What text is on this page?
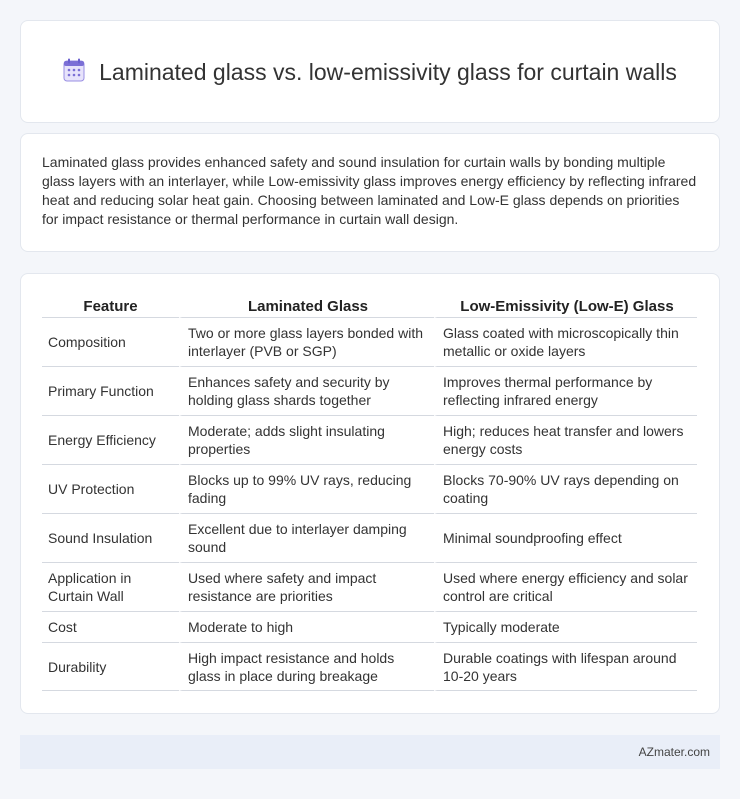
Laminated glass vs. low-emissivity glass for curtain walls

Laminated glass provides enhanced safety and sound insulation for curtain walls by bonding multiple glass layers with an interlayer, while Low-emissivity glass improves energy efficiency by reflecting infrared heat and reducing solar heat gain. Choosing between laminated and Low-E glass depends on priorities for impact resistance or thermal performance in curtain wall design.

Feature	Laminated Glass	Low-Emissivity (Low-E) Glass
Composition	Two or more glass layers bonded with interlayer (PVB or SGP)	Glass coated with microscopically thin metallic or oxide layers
Primary Function	Enhances safety and security by holding glass shards together	Improves thermal performance by reflecting infrared energy
Energy Efficiency	Moderate; adds slight insulating properties	High; reduces heat transfer and lowers energy costs
UV Protection	Blocks up to 99% UV rays, reducing fading	Blocks 70-90% UV rays depending on coating
Sound Insulation	Excellent due to interlayer damping sound	Minimal soundproofing effect
Application in Curtain Wall	Used where safety and impact resistance are priorities	Used where energy efficiency and solar control are critical
Cost	Moderate to high	Typically moderate
Durability	High impact resistance and holds glass in place during breakage	Durable coatings with lifespan around 10-20 years
AZmater.com
